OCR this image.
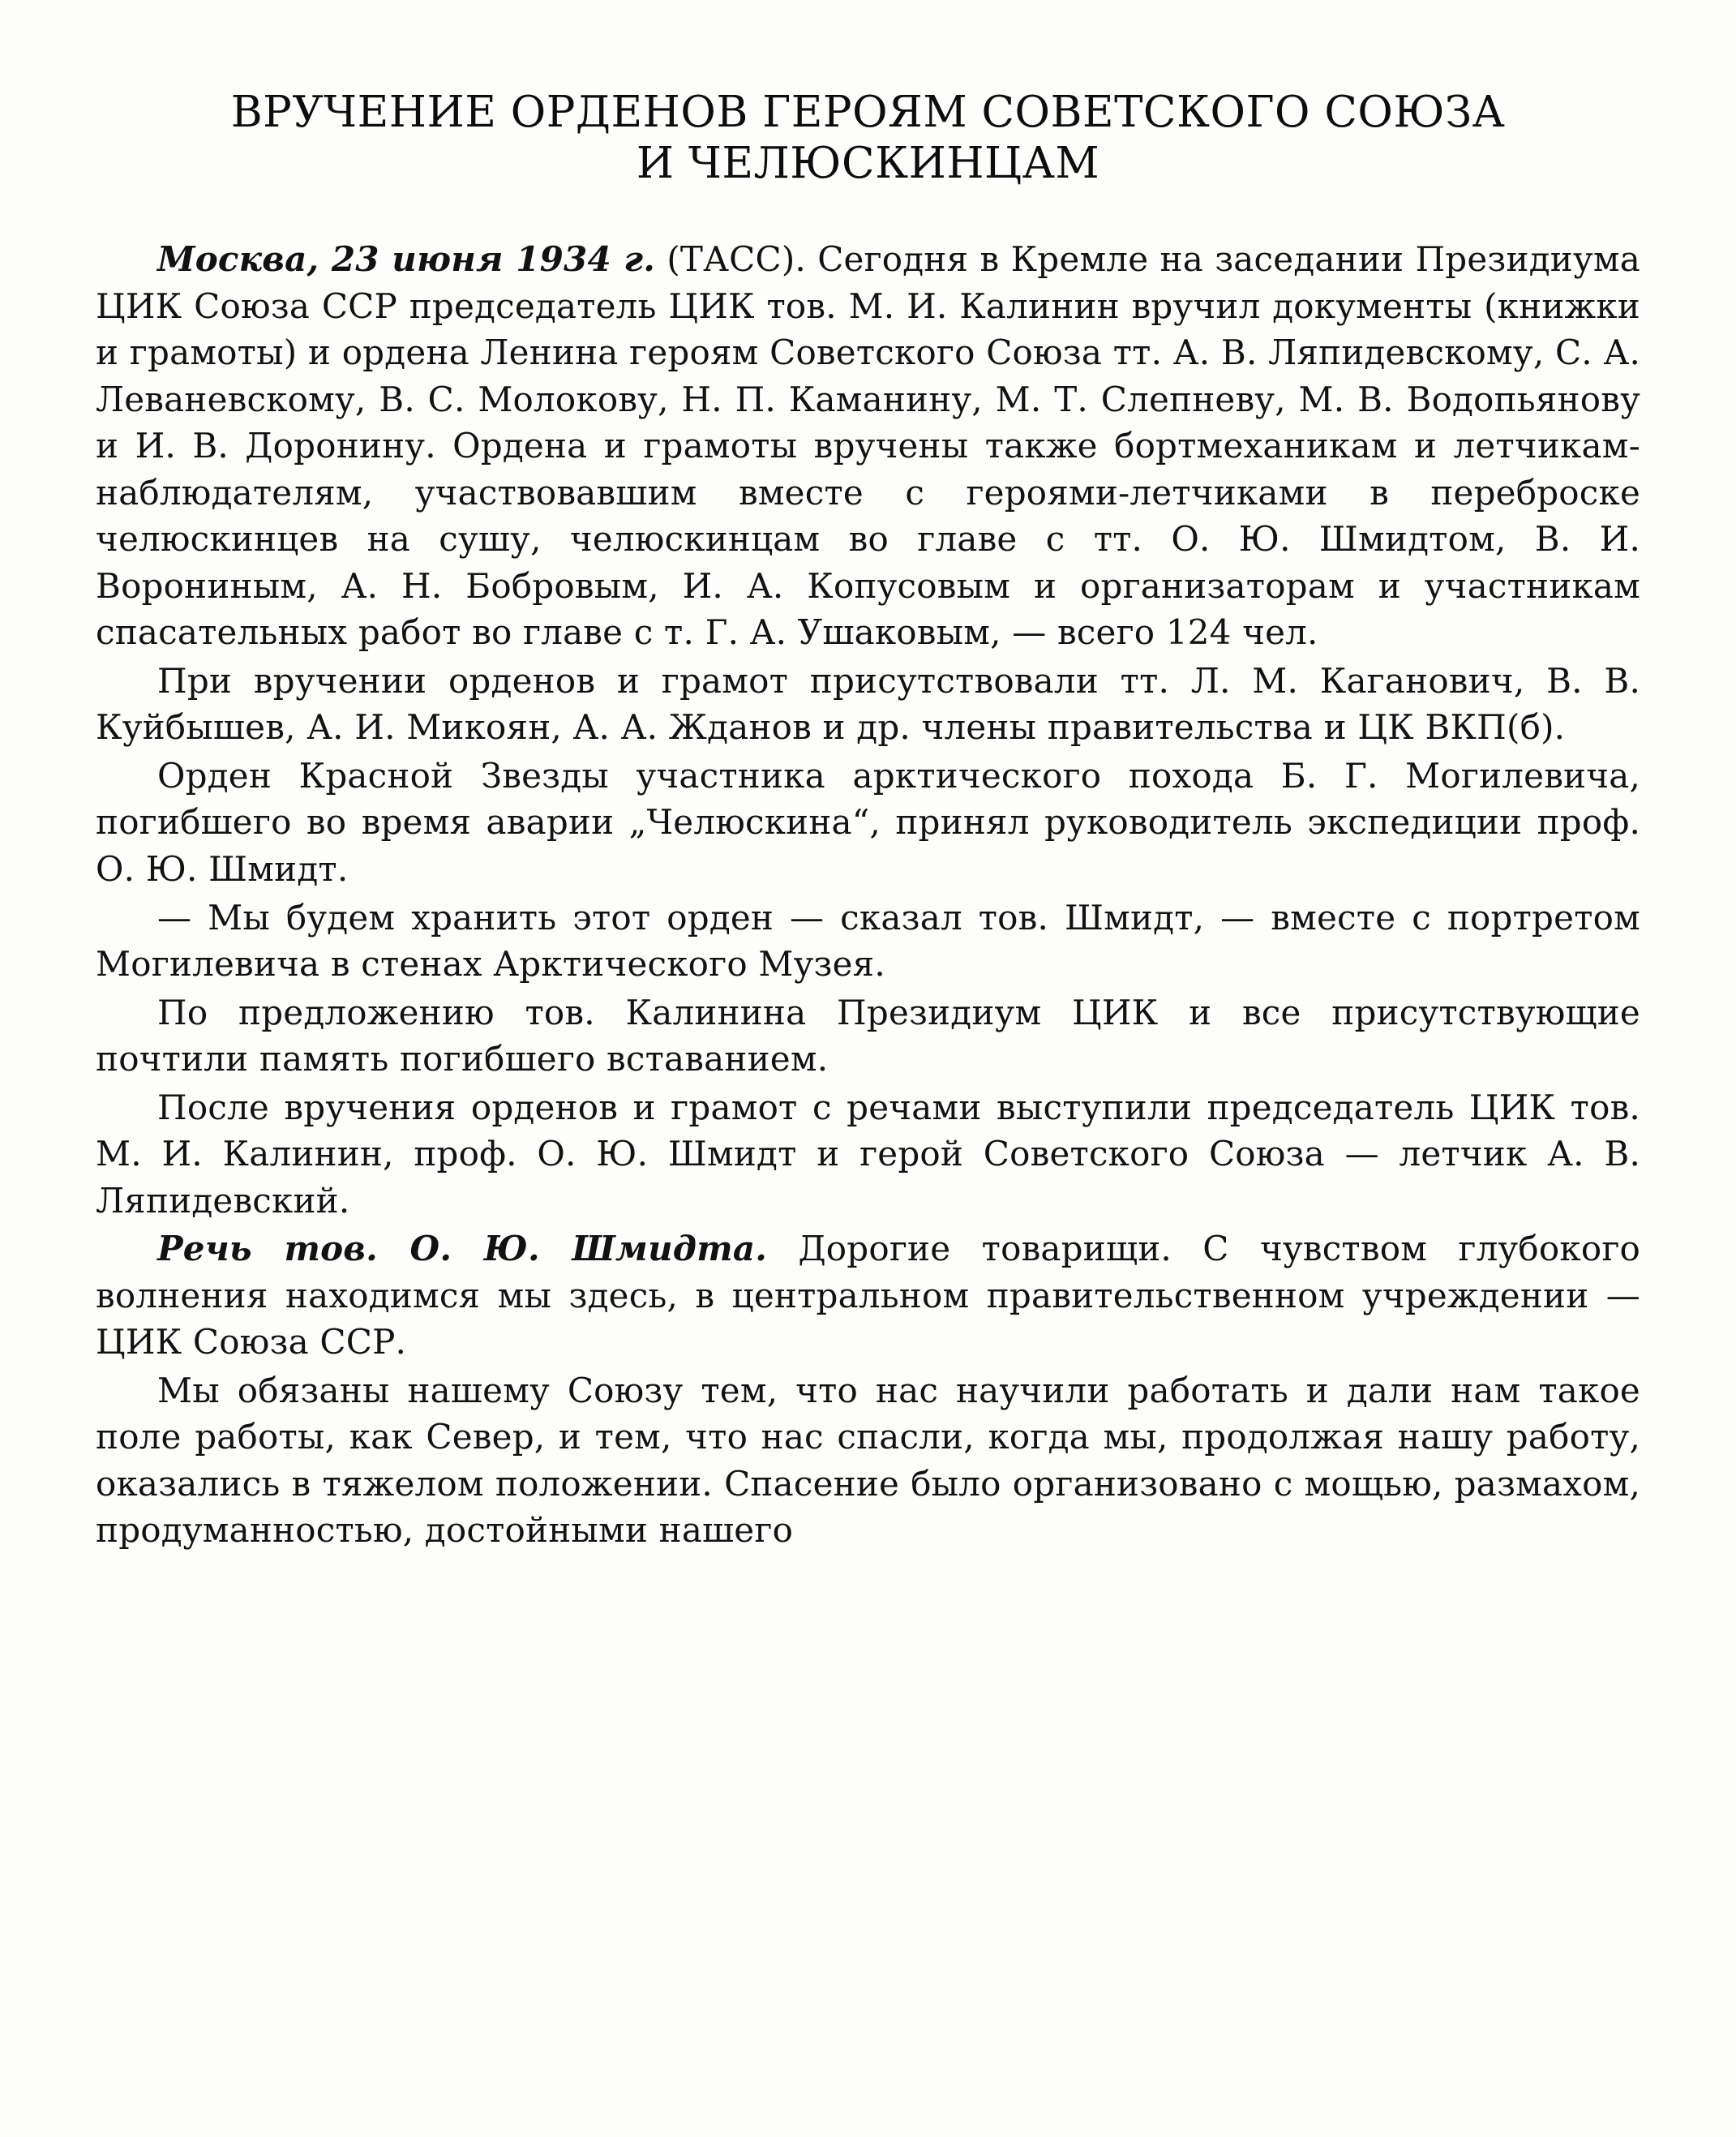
ВРУЧЕНИЕ ОРДЕНОВ ГЕРОЯМ СОВЕТСКОГО СОЮЗА
И ЧЕЛЮСКИНЦАМ

Москва, 23 июня 1934 г. (ТАСС). Сегодня в Кремле на заседании Президиума ЦИК Союза ССР председатель ЦИК тов. М. И. Калинин вручил документы (книжки и грамоты) и ордена Ленина героям Советского Союза тт. А. В. Ляпидевскому, С. А. Леваневскому, В. С. Молокову, Н. П. Каманину, М. Т. Слепневу, М. В. Водопьянову и И. В. Доронину. Ордена и грамоты вручены также бортмеханикам и летчикам-наблюдателям, участвовавшим вместе с героями-летчиками в переброске челюскинцев на сушу, челюскинцам во главе с тт. О. Ю. Шмидтом, В. И. Ворониным, А. Н. Бобровым, И. А. Копусовым и организаторам и участникам спасательных работ во главе с т. Г. А. Ушаковым, — всего 124 чел.

При вручении орденов и грамот присутствовали тт. Л. М. Каганович, В. В. Куйбышев, А. И. Микоян, А. А. Жданов и др. члены правительства и ЦК ВКП(б).

Орден Красной Звезды участника арктического похода Б. Г. Могилевича, погибшего во время аварии „Челюскина“, принял руководитель экспедиции проф. О. Ю. Шмидт.

— Мы будем хранить этот орден — сказал тов. Шмидт, — вместе с портретом Могилевича в стенах Арктического Музея.

По предложению тов. Калинина Президиум ЦИК и все присутствующие почтили память погибшего вставанием.

После вручения орденов и грамот с речами выступили председатель ЦИК тов. М. И. Калинин, проф. О. Ю. Шмидт и герой Советского Союза — летчик А. В. Ляпидевский.

Речь тов. О. Ю. Шмидта. Дорогие товарищи. С чувством глубокого волнения находимся мы здесь, в центральном правительственном учреждении — ЦИК Союза ССР.

Мы обязаны нашему Союзу тем, что нас научили работать и дали нам такое поле работы, как Север, и тем, что нас спасли, когда мы, продолжая нашу работу, оказались в тяжелом положении. Спасение было организовано с мощью, размахом, продуманностью, достойными нашего
